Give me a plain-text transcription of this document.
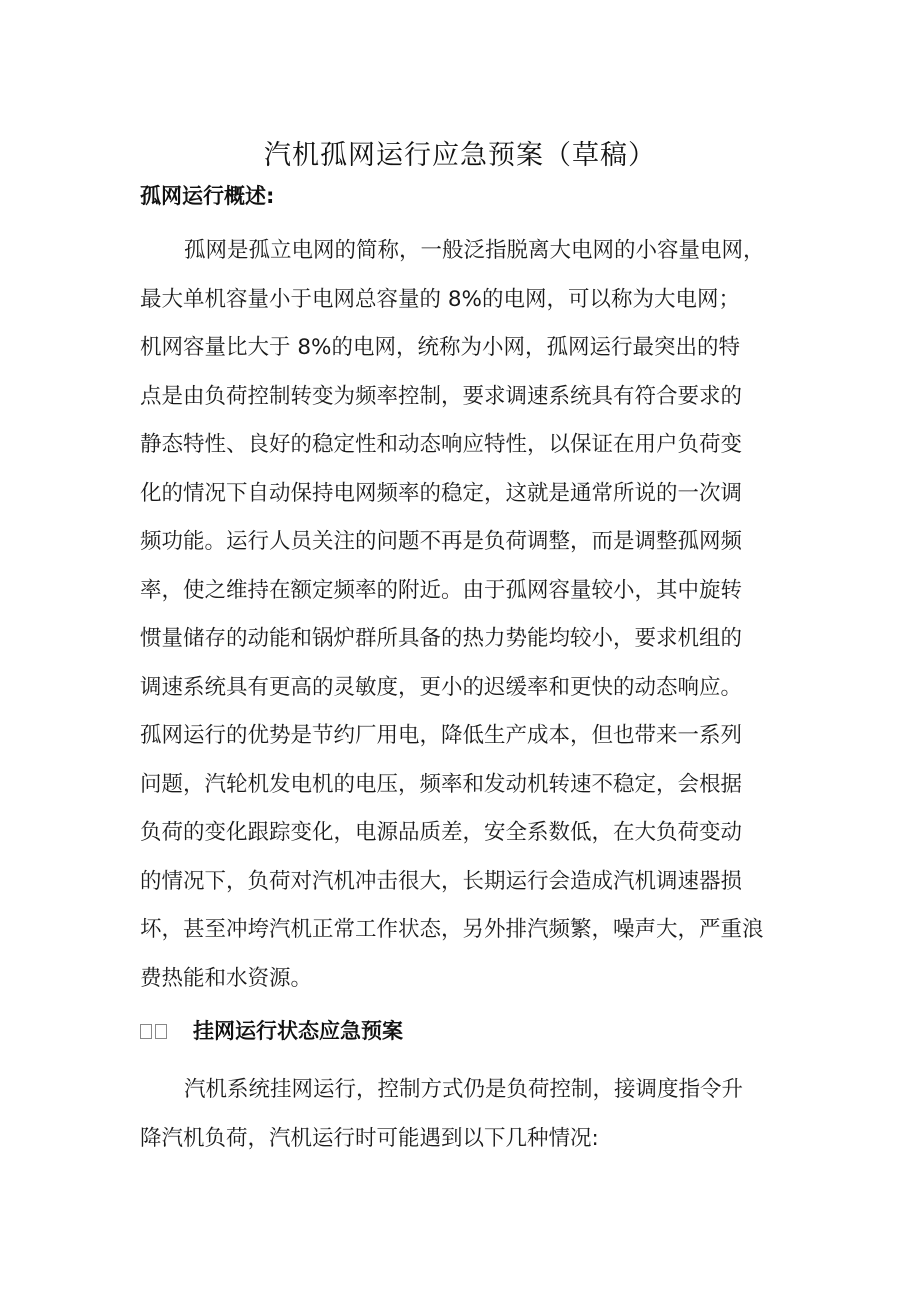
汽机孤网运行应急预案（草稿）
孤网运行概述:
孤网是孤立电网的简称，一般泛指脱离大电网的小容量电网，
最大单机容量小于电网总容量的 8%的电网，可以称为大电网；
机网容量比大于 8%的电网，统称为小网，孤网运行最突出的特
点是由负荷控制转变为频率控制，要求调速系统具有符合要求的
静态特性、良好的稳定性和动态响应特性，以保证在用户负荷变
化的情况下自动保持电网频率的稳定，这就是通常所说的一次调
频功能。运行人员关注的问题不再是负荷调整，而是调整孤网频
率，使之维持在额定频率的附近。由于孤网容量较小，其中旋转
惯量储存的动能和锅炉群所具备的热力势能均较小，要求机组的
调速系统具有更高的灵敏度，更小的迟缓率和更快的动态响应。
孤网运行的优势是节约厂用电，降低生产成本，但也带来一系列
问题，汽轮机发电机的电压，频率和发动机转速不稳定，会根据
负荷的变化跟踪变化，电源品质差，安全系数低，在大负荷变动
的情况下，负荷对汽机冲击很大，长期运行会造成汽机调速器损
坏，甚至冲垮汽机正常工作状态，另外排汽频繁，噪声大，严重浪
费热能和水资源。
挂网运行状态应急预案
汽机系统挂网运行，控制方式仍是负荷控制，接调度指令升
降汽机负荷，汽机运行时可能遇到以下几种情况:
